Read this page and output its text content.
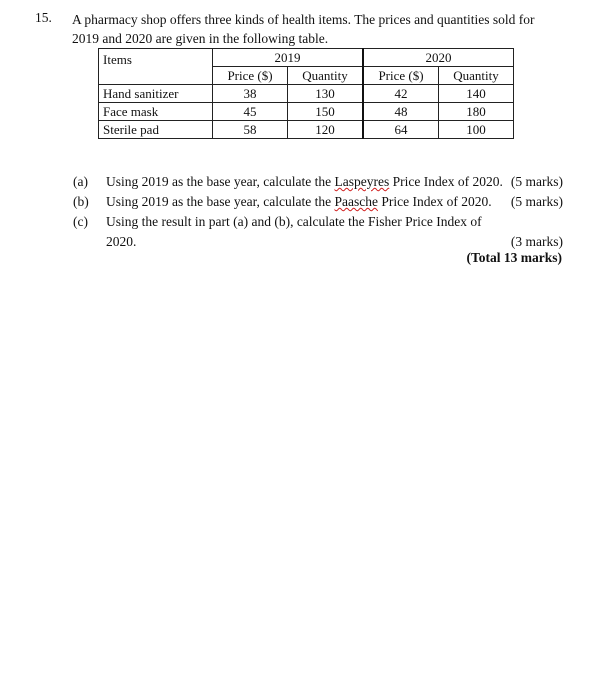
15. A pharmacy shop offers three kinds of health items. The prices and quantities sold for
2019 and 2020 are given in the following table.
Items	2019		2020	
	Price ($)	Quantity	Price ($)	Quantity
Hand sanitizer	38	130	42	140
Face mask	45	150	48	180
Sterile pad	58	120	64	100
(a) Using 2019 as the base year, calculate the Laspeyres Price Index of 2020. (5 marks)
(b) Using 2019 as the base year, calculate the Paasche Price Index of 2020. (5 marks)
(c) Using the result in part (a) and (b), calculate the Fisher Price Index of
2020.	(3 marks)
(Total 13 marks)
